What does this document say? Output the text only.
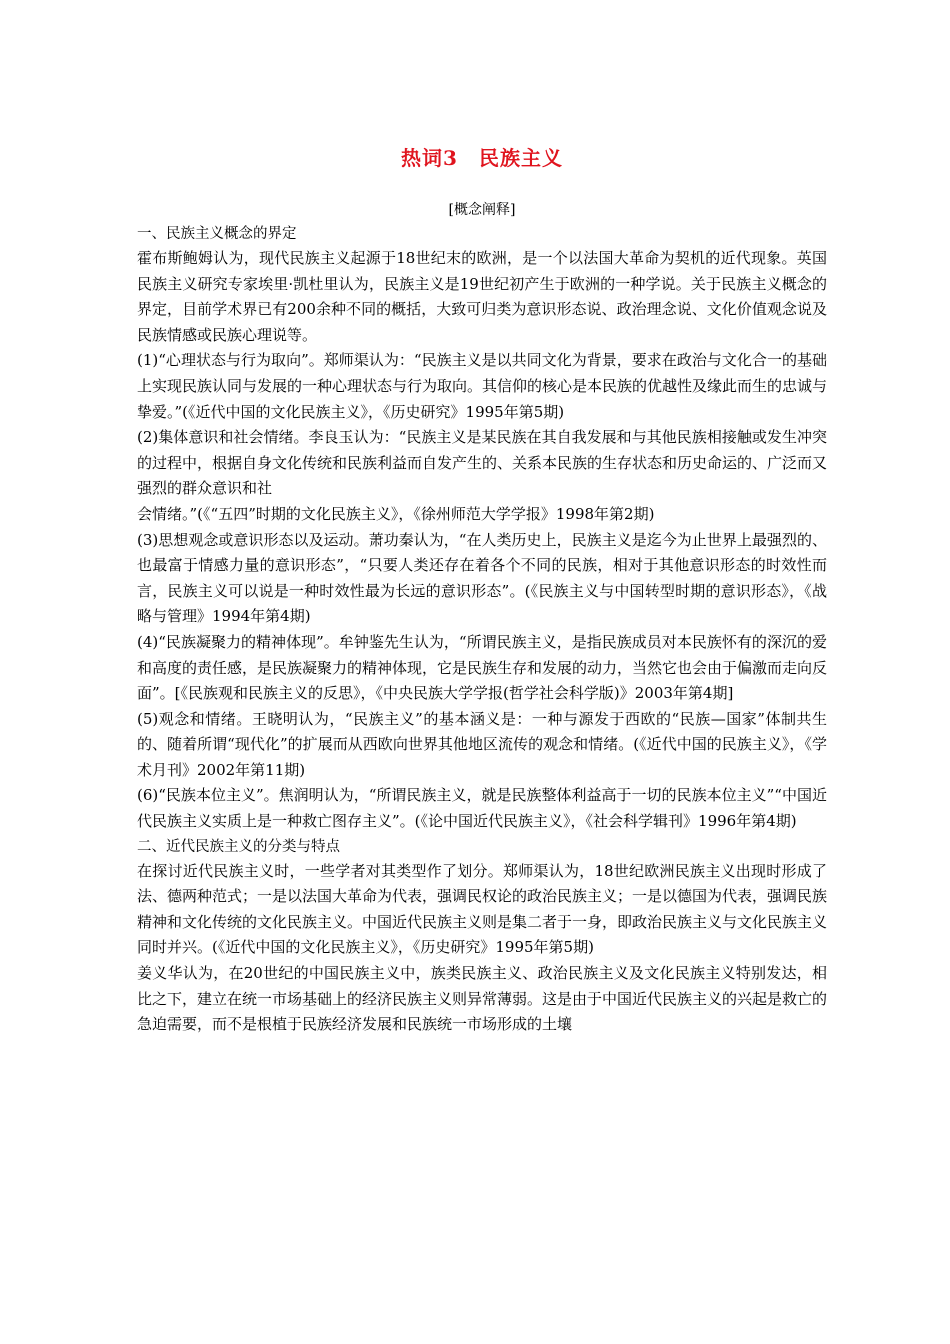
热词3　民族主义
[概念阐释]
一、民族主义概念的界定

霍布斯鲍姆认为，现代民族主义起源于18世纪末的欧洲，是一个以法国大革命为契机的近代现象。英国民族主义研究专家埃里·凯杜里认为，民族主义是19世纪初产生于欧洲的一种学说。关于民族主义概念的界定，目前学术界已有200余种不同的概括，大致可归类为意识形态说、政治理念说、文化价值观念说及民族情感或民族心理说等。

(1)“心理状态与行为取向”。郑师渠认为：“民族主义是以共同文化为背景，要求在政治与文化合一的基础上实现民族认同与发展的一种心理状态与行为取向。其信仰的核心是本民族的优越性及缘此而生的忠诚与挚爱。”(《近代中国的文化民族主义》，《历史研究》1995年第5期)

(2)集体意识和社会情绪。李良玉认为：“民族主义是某民族在其自我发展和与其他民族相接触或发生冲突的过程中，根据自身文化传统和民族利益而自发产生的、关系本民族的生存状态和历史命运的、广泛而又强烈的群众意识和社

会情绪。”(《“五四”时期的文化民族主义》，《徐州师范大学学报》1998年第2期)

(3)思想观念或意识形态以及运动。萧功秦认为，“在人类历史上，民族主义是迄今为止世界上最强烈的、也最富于情感力量的意识形态”，“只要人类还存在着各个不同的民族，相对于其他意识形态的时效性而言，民族主义可以说是一种时效性最为长远的意识形态”。(《民族主义与中国转型时期的意识形态》，《战略与管理》1994年第4期)

(4)“民族凝聚力的精神体现”。牟钟鉴先生认为，“所谓民族主义，是指民族成员对本民族怀有的深沉的爱和高度的责任感，是民族凝聚力的精神体现，它是民族生存和发展的动力，当然它也会由于偏激而走向反面”。[《民族观和民族主义的反思》，《中央民族大学学报(哲学社会科学版)》2003年第4期]

(5)观念和情绪。王晓明认为，“民族主义”的基本涵义是：一种与源发于西欧的“民族—国家”体制共生的、随着所谓“现代化”的扩展而从西欧向世界其他地区流传的观念和情绪。(《近代中国的民族主义》，《学术月刊》2002年第11期)

(6)“民族本位主义”。焦润明认为，“所谓民族主义，就是民族整体利益高于一切的民族本位主义”“中国近代民族主义实质上是一种救亡图存主义”。(《论中国近代民族主义》，《社会科学辑刊》1996年第4期)

二、近代民族主义的分类与特点

在探讨近代民族主义时，一些学者对其类型作了划分。郑师渠认为，18世纪欧洲民族主义出现时形成了法、德两种范式；一是以法国大革命为代表，强调民权论的政治民族主义；一是以德国为代表，强调民族精神和文化传统的文化民族主义。中国近代民族主义则是集二者于一身，即政治民族主义与文化民族主义同时并兴。(《近代中国的文化民族主义》，《历史研究》1995年第5期)

姜义华认为，在20世纪的中国民族主义中，族类民族主义、政治民族主义及文化民族主义特别发达，相比之下，建立在统一市场基础上的经济民族主义则异常薄弱。这是由于中国近代民族主义的兴起是救亡的急迫需要，而不是根植于民族经济发展和民族统一市场形成的土壤
